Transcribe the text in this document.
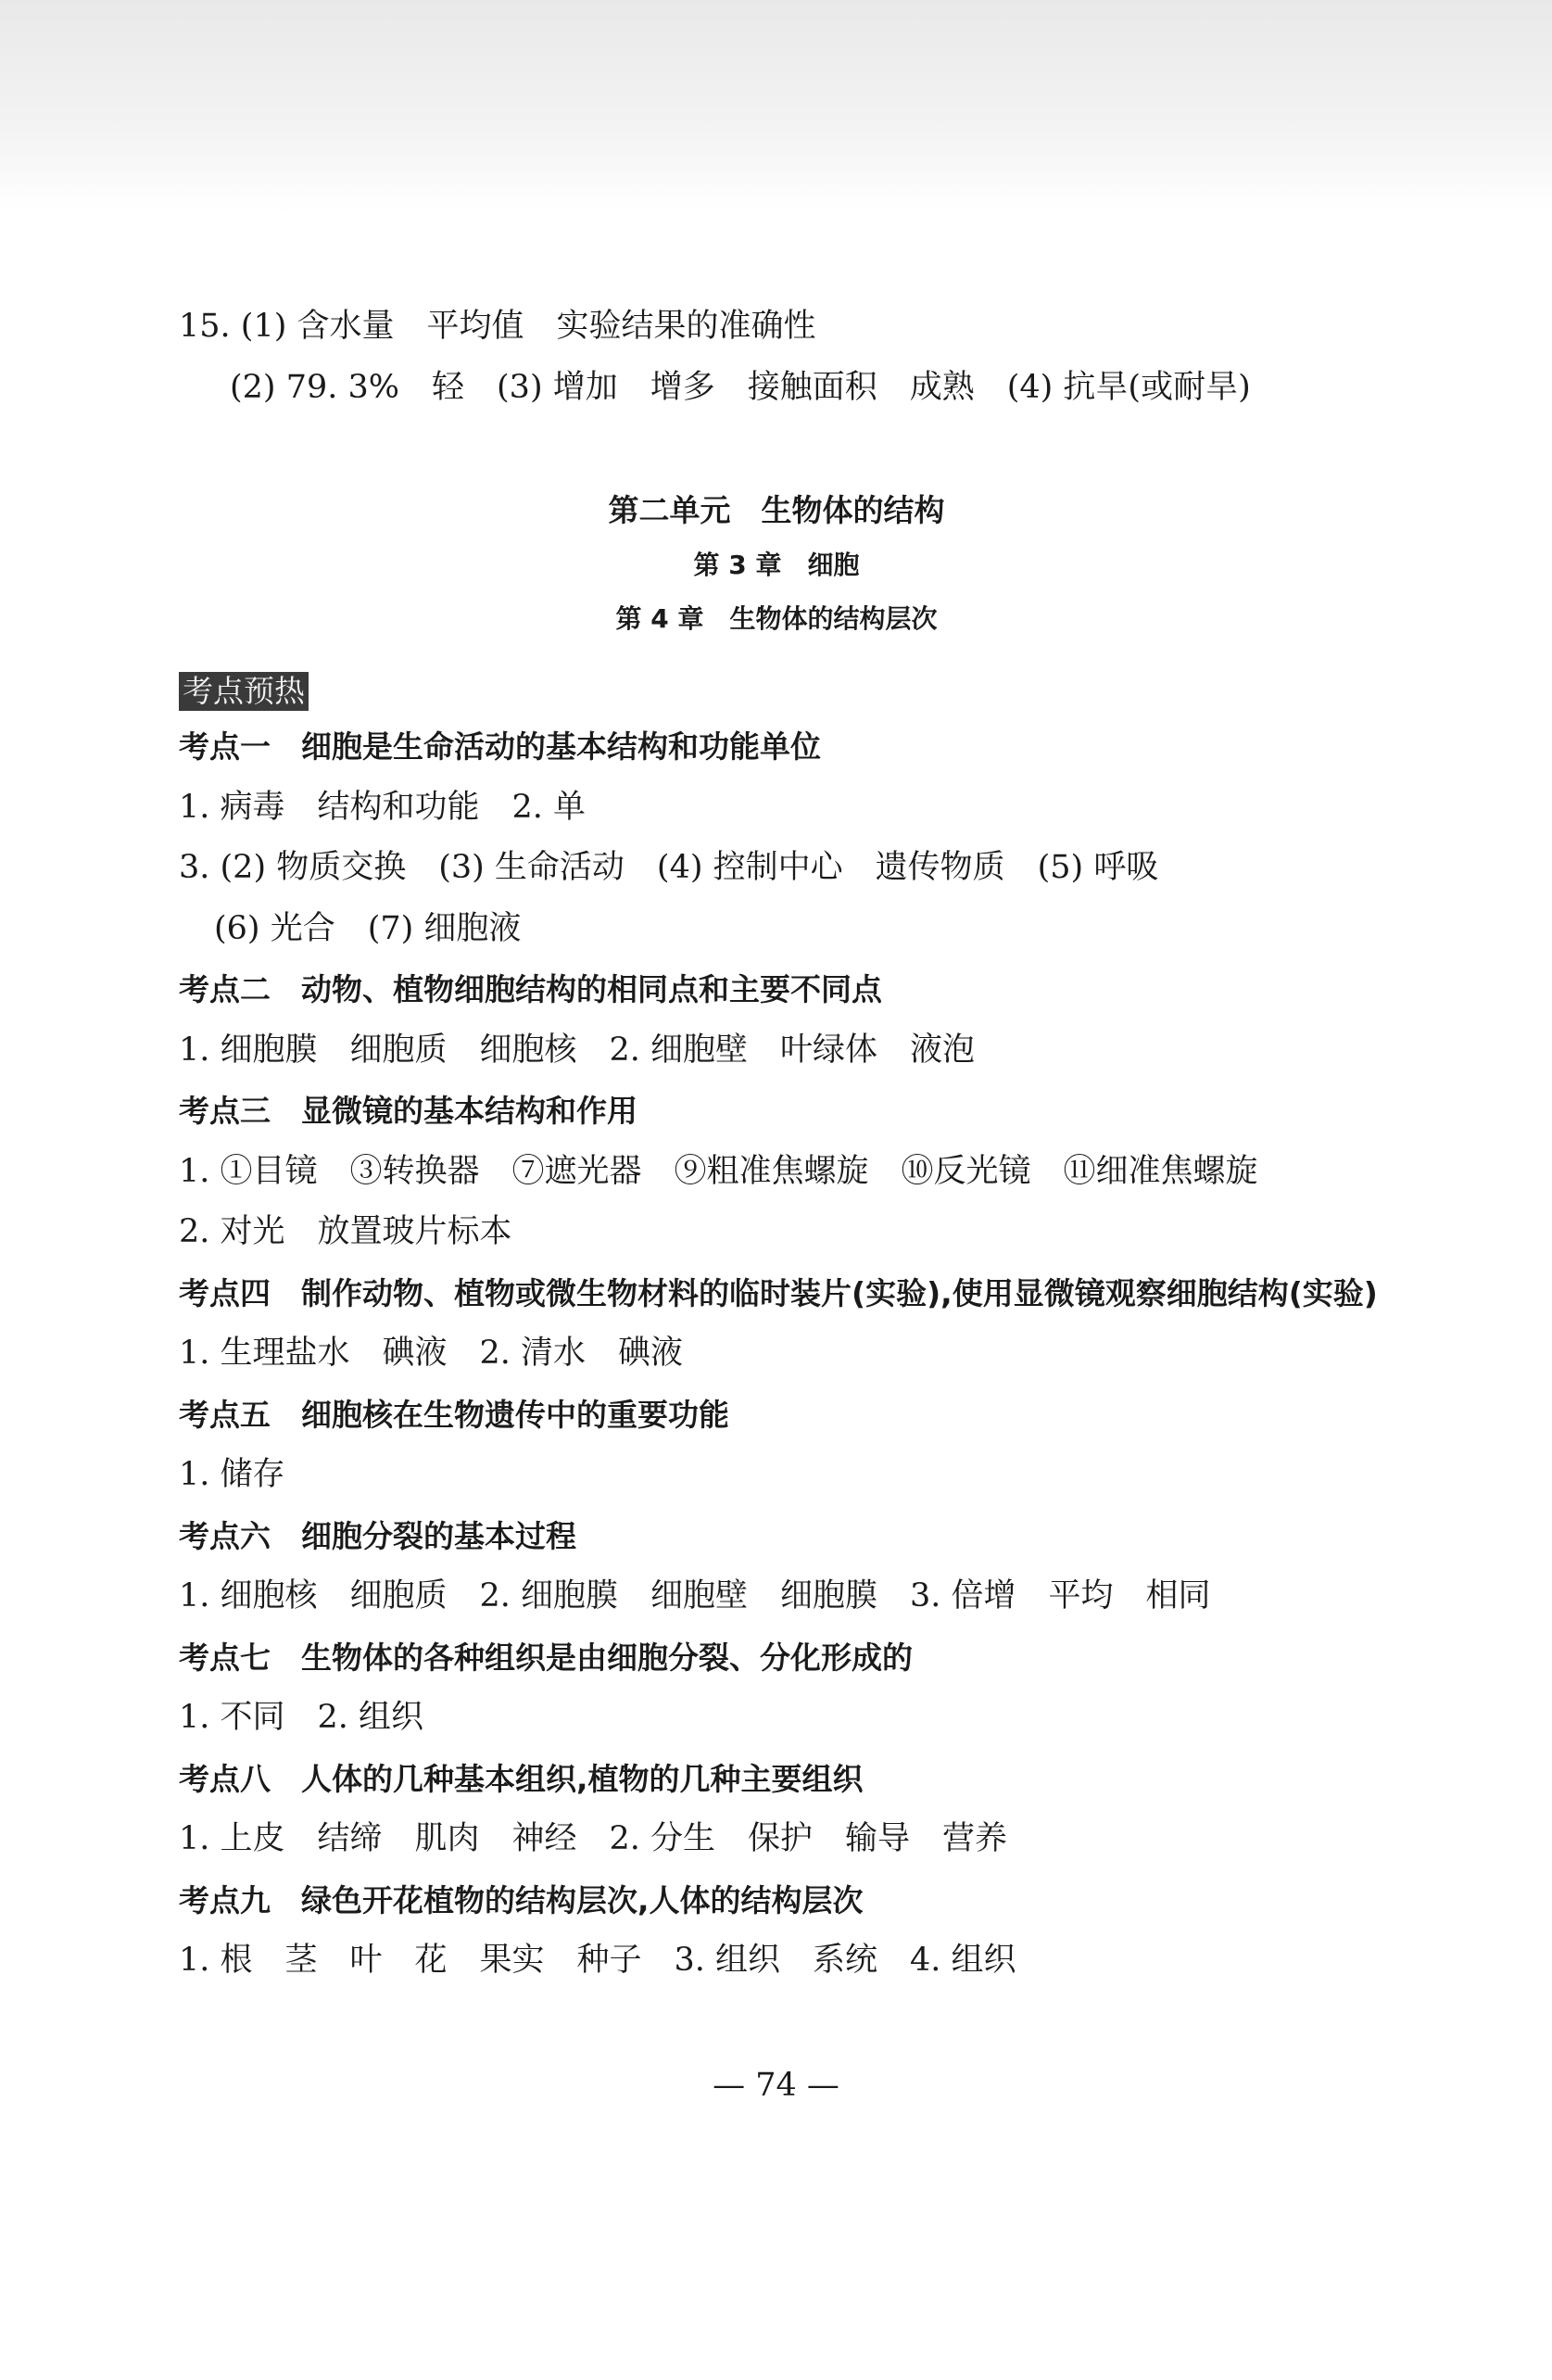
15. (1) 含水量　平均值　实验结果的准确性
(2) 79. 3%　轻　(3) 增加　增多　接触面积　成熟　(4) 抗旱(或耐旱)
第二单元　生物体的结构
第 3 章　细胞
第 4 章　生物体的结构层次
考点预热
考点一　细胞是生命活动的基本结构和功能单位
1. 病毒　结构和功能　2. 单
3. (2) 物质交换　(3) 生命活动　(4) 控制中心　遗传物质　(5) 呼吸
(6) 光合　(7) 细胞液
考点二　动物、植物细胞结构的相同点和主要不同点
1. 细胞膜　细胞质　细胞核　2. 细胞壁　叶绿体　液泡
考点三　显微镜的基本结构和作用
1. ①目镜　③转换器　⑦遮光器　⑨粗准焦螺旋　⑩反光镜　⑪细准焦螺旋
2. 对光　放置玻片标本
考点四　制作动物、植物或微生物材料的临时装片(实验),使用显微镜观察细胞结构(实验)
1. 生理盐水　碘液　2. 清水　碘液
考点五　细胞核在生物遗传中的重要功能
1. 储存
考点六　细胞分裂的基本过程
1. 细胞核　细胞质　2. 细胞膜　细胞壁　细胞膜　3. 倍增　平均　相同
考点七　生物体的各种组织是由细胞分裂、分化形成的
1. 不同　2. 组织
考点八　人体的几种基本组织,植物的几种主要组织
1. 上皮　结缔　肌肉　神经　2. 分生　保护　输导　营养
考点九　绿色开花植物的结构层次,人体的结构层次
1. 根　茎　叶　花　果实　种子　3. 组织　系统　4. 组织
— 74 —
